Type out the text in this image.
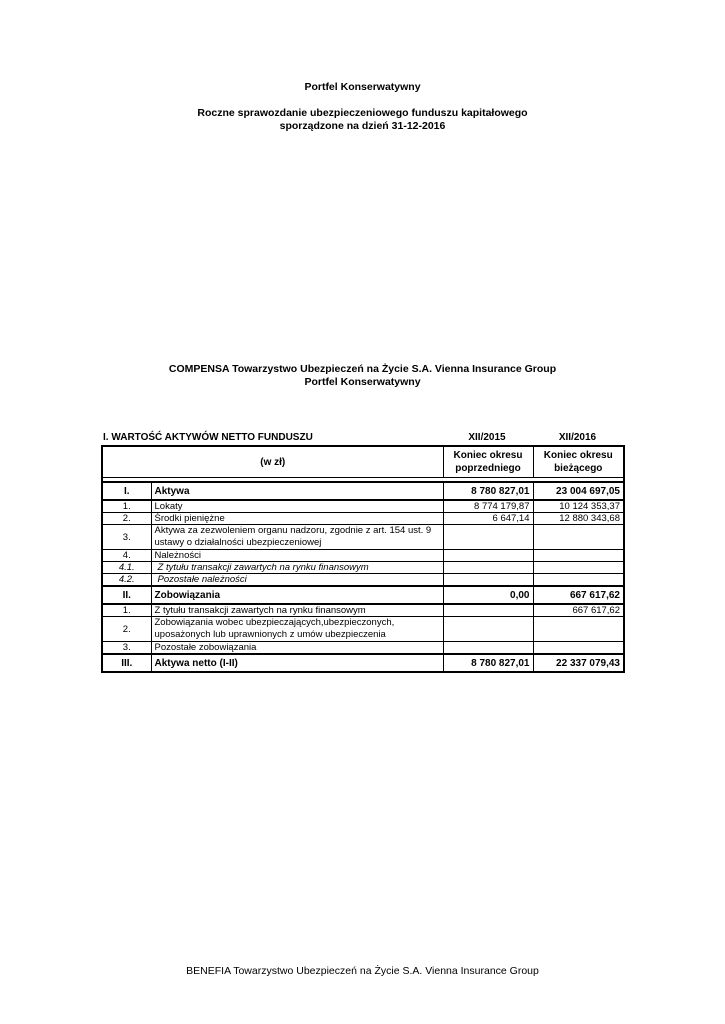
Portfel Konserwatywny
Roczne sprawozdanie ubezpieczeniowego funduszu kapitałowego
sporządzone na dzień 31-12-2016
COMPENSA Towarzystwo Ubezpieczeń na Życie S.A. Vienna Insurance Group
Portfel Konserwatywny
I. WARTOŚĆ AKTYWÓW NETTO FUNDUSZU	XII/2015	XII/2016
(w zł)		Koniec okresu poprzedniego	Koniec okresu bieżącego

I.	Aktywa	8 780 827,01	23 004 697,05
1.	Lokaty	8 774 179,87	10 124 353,37
2.	Środki pieniężne	6 647,14	12 880 343,68
3.	Aktywa za zezwoleniem organu nadzoru, zgodnie z art. 154 ust. 9 ustawy o działalności ubezpieczeniowej		
4.	Należności		
4.1.	Z tytułu transakcji zawartych na rynku finansowym		
4.2.	Pozostałe należności		
II.	Zobowiązania	0,00	667 617,62
1.	Z tytułu transakcji zawartych na rynku finansowym		667 617,62
2.	Zobowiązania wobec ubezpieczających,ubezpieczonych, uposażonych lub uprawnionych z umów ubezpieczenia		
3.	Pozostałe zobowiązania		
III.	Aktywa netto (I-II)	8 780 827,01	22 337 079,43
BENEFIA Towarzystwo Ubezpieczeń na Życie S.A. Vienna Insurance Group
